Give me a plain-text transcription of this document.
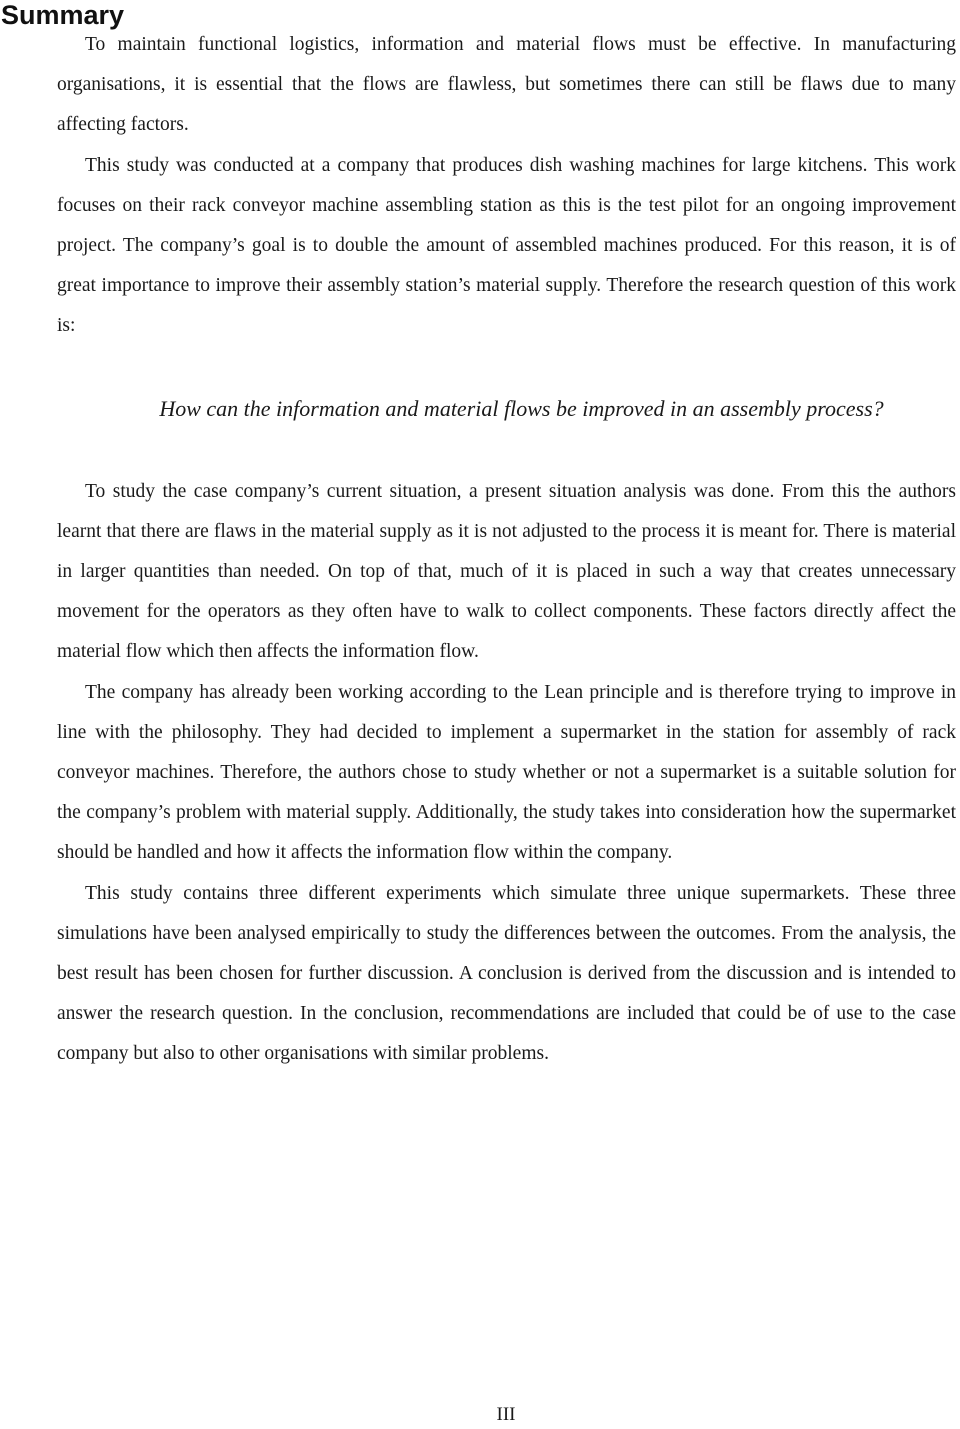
Summary

To maintain functional logistics, information and material flows must be effective. In manufacturing organisations, it is essential that the flows are flawless, but sometimes there can still be flaws due to many affecting factors.

This study was conducted at a company that produces dish washing machines for large kitchens. This work focuses on their rack conveyor machine assembling station as this is the test pilot for an ongoing improvement project. The company’s goal is to double the amount of assembled machines produced. For this reason, it is of great importance to improve their assembly station’s material supply. Therefore the research question of this work is:

How can the information and material flows be improved in an assembly process?

To study the case company’s current situation, a present situation analysis was done. From this the authors learnt that there are flaws in the material supply as it is not adjusted to the process it is meant for. There is material in larger quantities than needed. On top of that, much of it is placed in such a way that creates unnecessary movement for the operators as they often have to walk to collect components. These factors directly affect the material flow which then affects the information flow.

The company has already been working according to the Lean principle and is therefore trying to improve in line with the philosophy. They had decided to implement a supermarket in the station for assembly of rack conveyor machines. Therefore, the authors chose to study whether or not a supermarket is a suitable solution for the company’s problem with material supply. Additionally, the study takes into consideration how the supermarket should be handled and how it affects the information flow within the company.

This study contains three different experiments which simulate three unique supermarkets. These three simulations have been analysed empirically to study the differences between the outcomes. From the analysis, the best result has been chosen for further discussion. A conclusion is derived from the discussion and is intended to answer the research question. In the conclusion, recommendations are included that could be of use to the case company but also to other organisations with similar problems.

III
